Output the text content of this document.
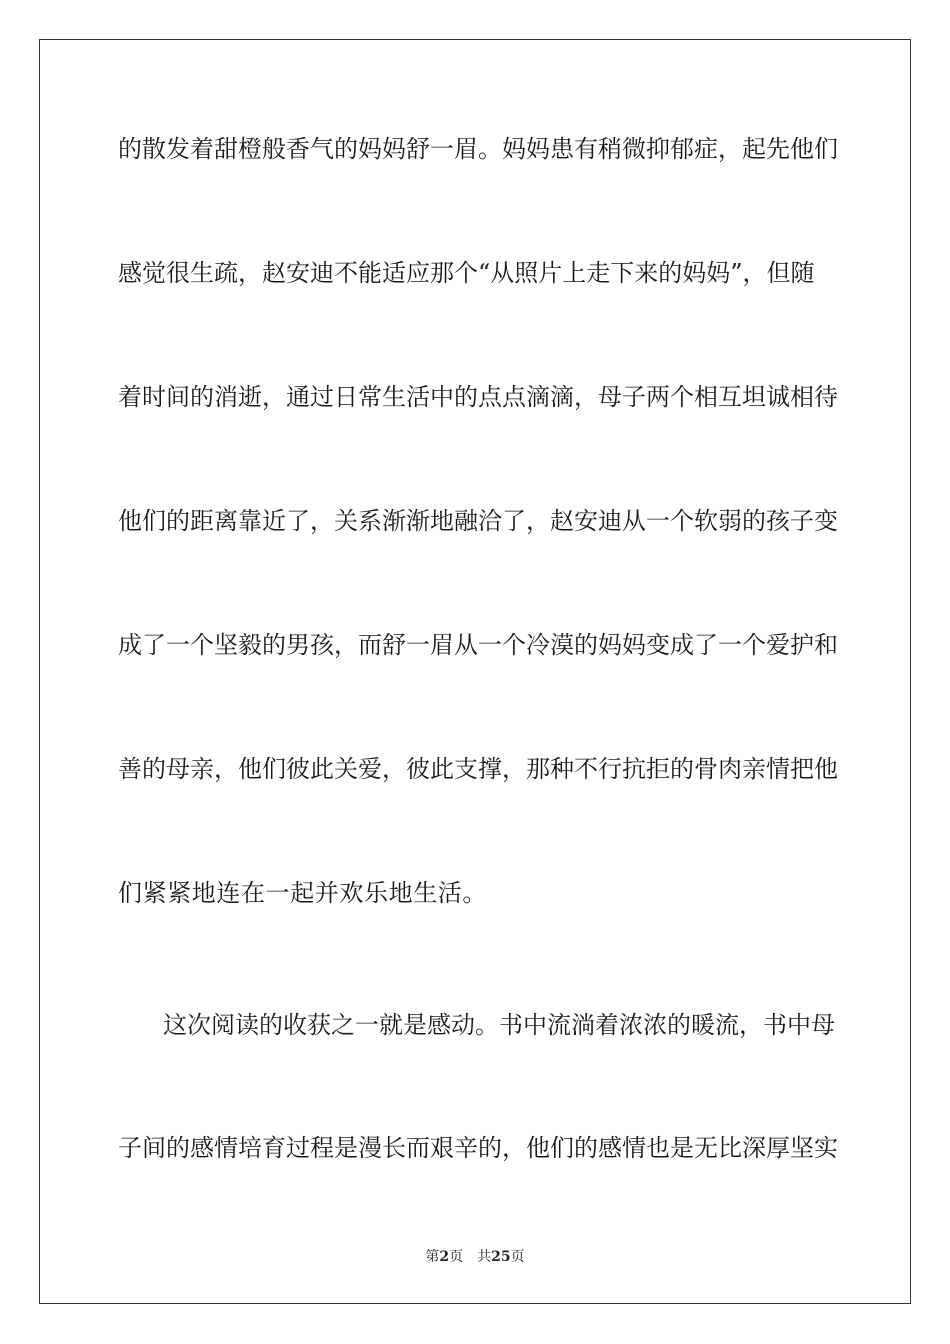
的散发着甜橙般香气的妈妈舒一眉。妈妈患有稍微抑郁症，起先他们
感觉很生疏，赵安迪不能适应那个“从照片上走下来的妈妈”，但随
着时间的消逝，通过日常生活中的点点滴滴，母子两个相互坦诚相待
他们的距离靠近了，关系渐渐地融洽了，赵安迪从一个软弱的孩子变
成了一个坚毅的男孩，而舒一眉从一个冷漠的妈妈变成了一个爱护和
善的母亲，他们彼此关爱，彼此支撑，那种不行抗拒的骨肉亲情把他
们紧紧地连在一起并欢乐地生活。
这次阅读的收获之一就是感动。书中流淌着浓浓的暖流，书中母
子间的感情培育过程是漫长而艰辛的，他们的感情也是无比深厚坚实
第2页 共25页
